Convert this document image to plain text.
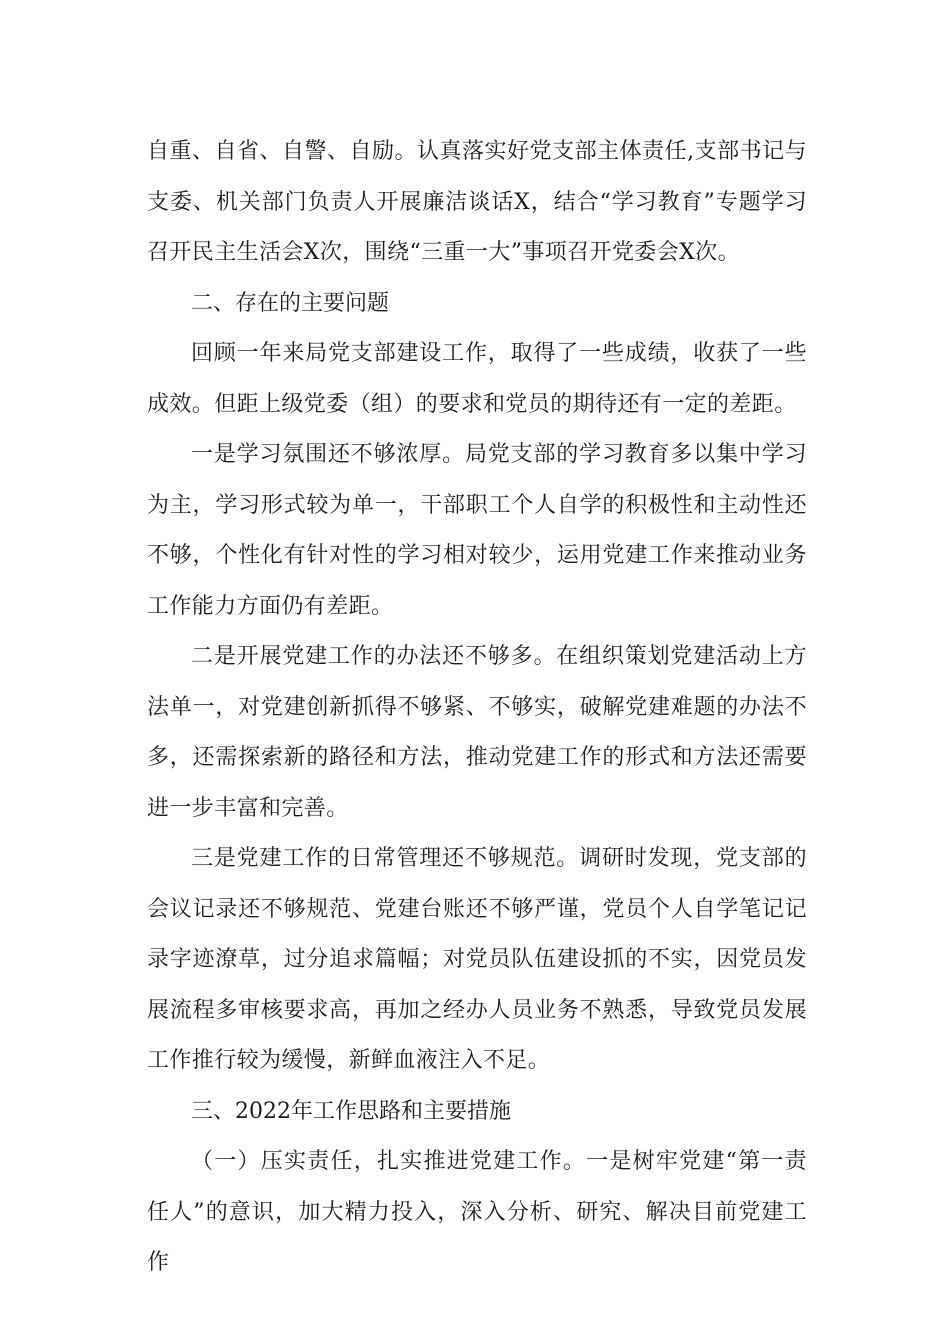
自重、自省、自警、自励。认真落实好党支部主体责任,支部书记与支委、机关部门负责人开展廉洁谈话X，结合“学习教育”专题学习召开民主生活会X次，围绕“三重一大”事项召开党委会X次。

二、存在的主要问题

回顾一年来局党支部建设工作，取得了一些成绩，收获了一些成效。但距上级党委（组）的要求和党员的期待还有一定的差距。

一是学习氛围还不够浓厚。局党支部的学习教育多以集中学习为主，学习形式较为单一，干部职工个人自学的积极性和主动性还不够，个性化有针对性的学习相对较少，运用党建工作来推动业务工作能力方面仍有差距。

二是开展党建工作的办法还不够多。在组织策划党建活动上方法单一，对党建创新抓得不够紧、不够实，破解党建难题的办法不多，还需探索新的路径和方法，推动党建工作的形式和方法还需要进一步丰富和完善。

三是党建工作的日常管理还不够规范。调研时发现，党支部的会议记录还不够规范、党建台账还不够严谨，党员个人自学笔记记录字迹潦草，过分追求篇幅；对党员队伍建设抓的不实，因党员发展流程多审核要求高，再加之经办人员业务不熟悉，导致党员发展工作推行较为缓慢，新鲜血液注入不足。

三、2022年工作思路和主要措施

（一）压实责任，扎实推进党建工作。一是树牢党建“第一责任人”的意识，加大精力投入，深入分析、研究、解决目前党建工作
